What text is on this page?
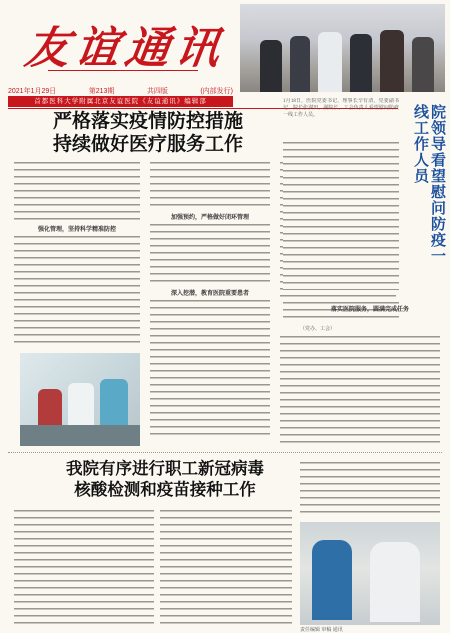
友谊通讯
2021年1月29日	第213期	共四版	(内部发行)
首都医科大学附属北京友谊医院《友谊通讯》编辑部
严格落实疫情防控措施
持续做好医疗服务工作
强化管理，坚持科学精准防控
加强预约，严格做好闭环管理
深入挖潜，教育医院重要患者
院领导看望慰问防疫一线工作人员
1月18日，医院党委书记、理事长辛有清，党委副书记、院长张澍田，副院长，工会负责人看望慰问防疫一线工作人员。
（党办、工会）
落实医院服务，圆满完成任务
我院有序进行职工新冠病毒
核酸检测和疫苗接种工作
责任编辑 审稿 通讯
